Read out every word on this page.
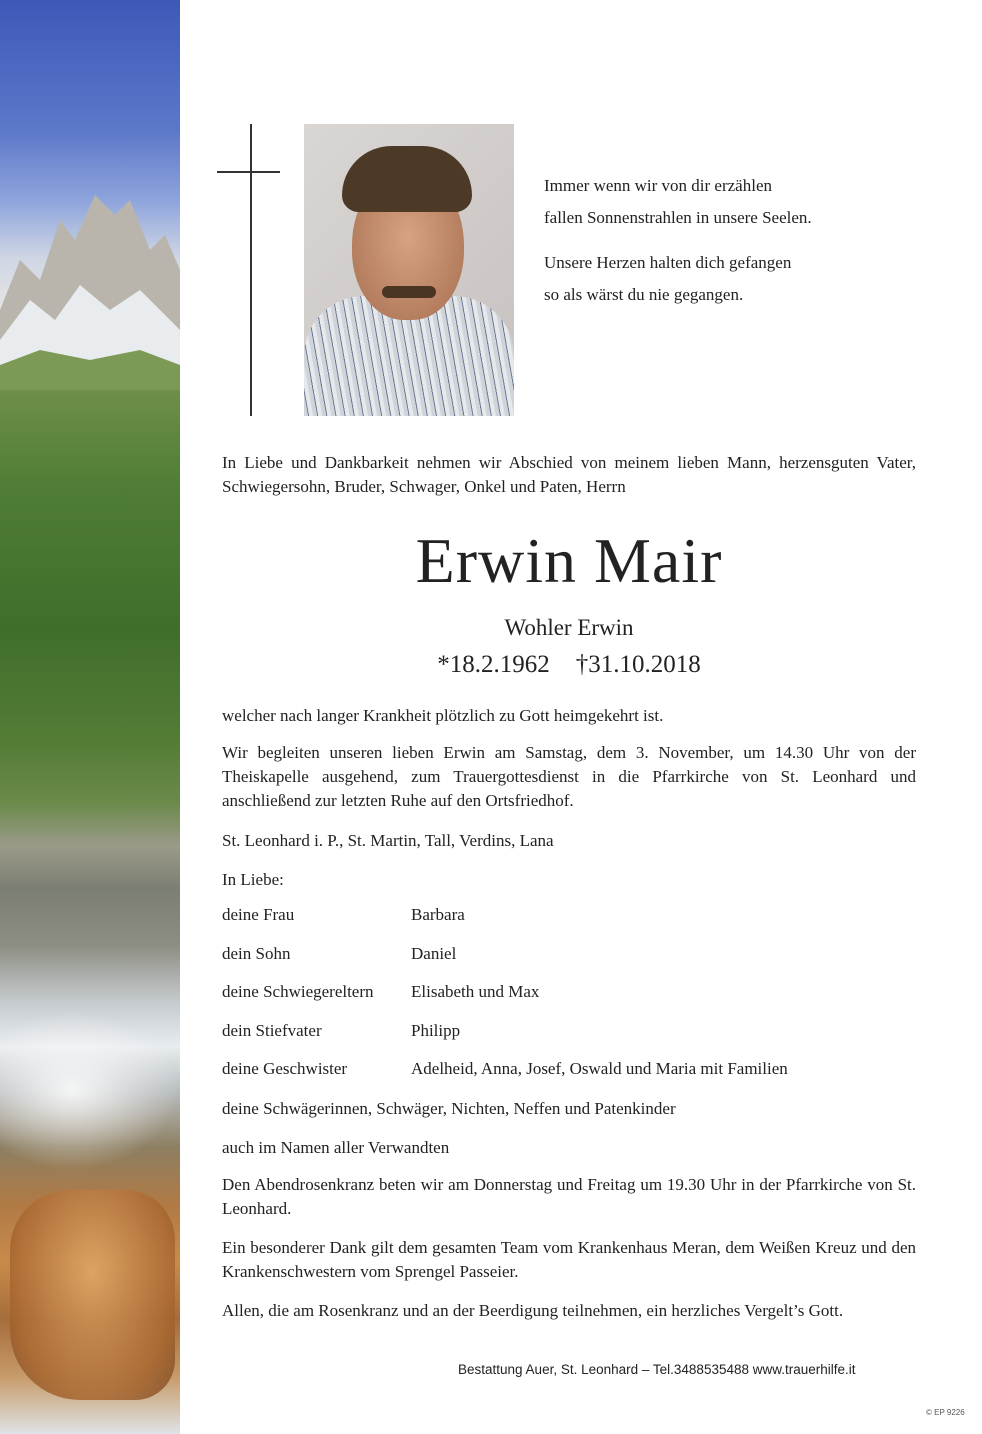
Immer wenn wir von dir erzählen
fallen Sonnenstrahlen in unsere Seelen.
Unsere Herzen halten dich gefangen
so als wärst du nie gegangen.
In Liebe und Dankbarkeit nehmen wir Abschied von meinem lieben Mann, herzensguten Vater, Schwiegersohn, Bruder, Schwager, Onkel und Paten, Herrn
Erwin Mair
Wohler Erwin
*18.2.1962 †31.10.2018
welcher nach langer Krankheit plötzlich zu Gott heimgekehrt ist.
Wir begleiten unseren lieben Erwin am Samstag, dem 3. November, um 14.30 Uhr von der Theiskapelle ausgehend, zum Trauergottesdienst in die Pfarrkirche von St. Leonhard und anschließend zur letzten Ruhe auf den Ortsfriedhof.
St. Leonhard i. P., St. Martin, Tall, Verdins, Lana
In Liebe:
deine Frau	Barbara
dein Sohn	Daniel
deine Schwiegereltern	Elisabeth und Max
dein Stiefvater	Philipp
deine Geschwister	Adelheid, Anna, Josef, Oswald und Maria mit Familien
deine Schwägerinnen, Schwäger, Nichten, Neffen und Patenkinder
auch im Namen aller Verwandten
Den Abendrosenkranz beten wir am Donnerstag und Freitag um 19.30 Uhr in der Pfarrkirche von St. Leonhard.
Ein besonderer Dank gilt dem gesamten Team vom Krankenhaus Meran, dem Weißen Kreuz und den Krankenschwestern vom Sprengel Passeier.
Allen, die am Rosenkranz und an der Beerdigung teilnehmen, ein herzliches Vergelt’s Gott.
Bestattung Auer, St. Leonhard – Tel.3488535488 www.trauerhilfe.it
© EP 9226
